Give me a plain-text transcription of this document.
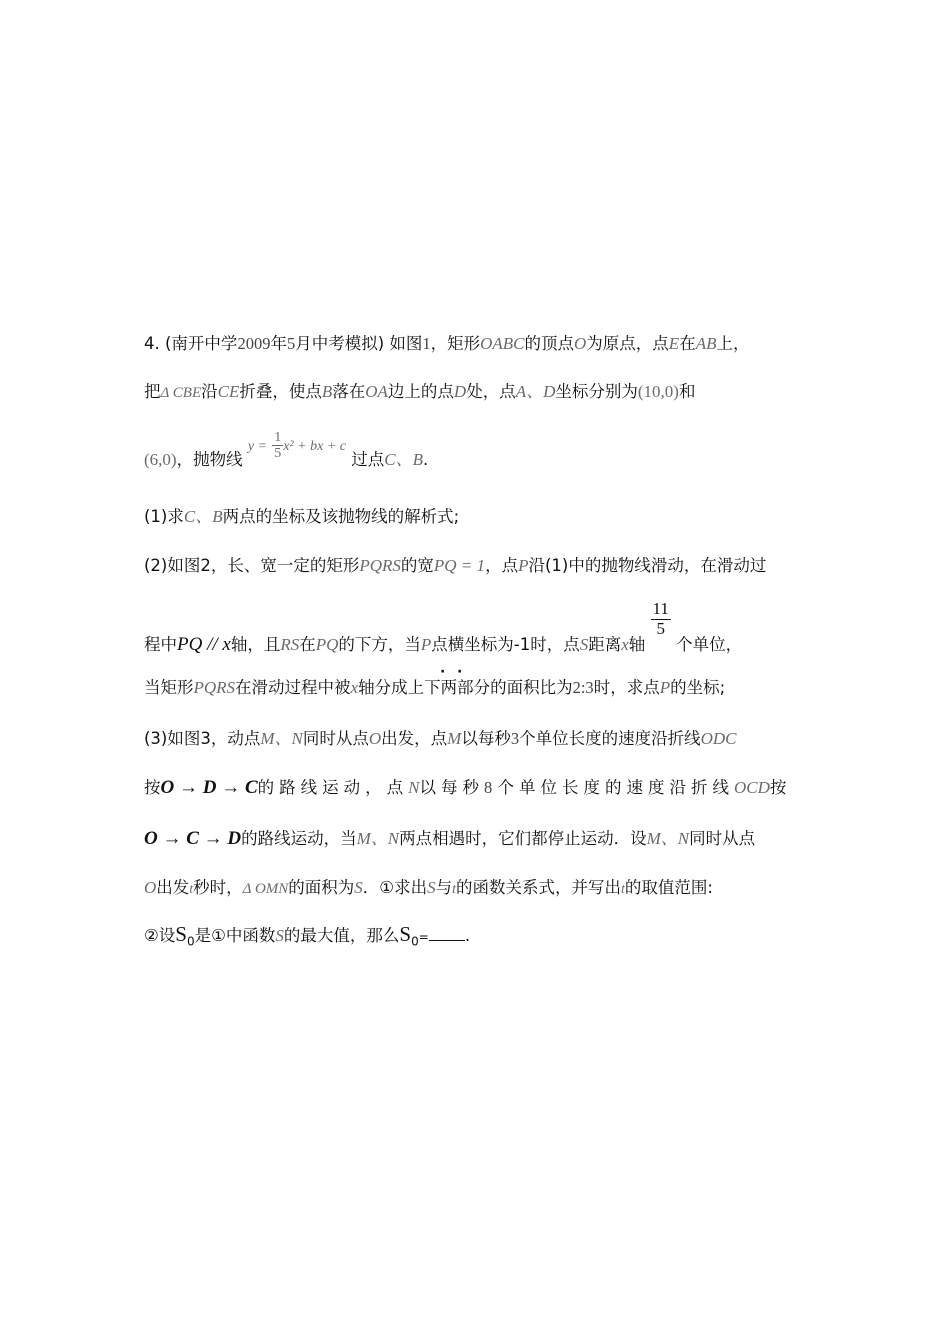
4. (南开中学2009年5月中考模拟) 如图1，矩形OABC的顶点O为原点，点E在AB上，
把Δ CBE沿CE折叠，使点B落在OA边上的点D处，点A、D坐标分别为(10,0)和
(6,0)，抛物线 $y = \frac{1}{5} x^2$ + bx + c 过点C、B.
(1)求C、B两点的坐标及该抛物线的解析式;
(2)如图2，长、宽一定的矩形PQRS的宽PQ = 1，点P沿(1)中的抛物线滑动，在滑动过
程中PQ // x轴，且RS在PQ的下方，当P点横坐标为-1时，点S距离x轴
$\frac{11}{5}$
个单位，
当矩形PQRS在滑动过程中被x轴分成上下两部分的面积比为2:3时，求点P的坐标;
· ·
(3)如图3，动点M、N同时从点O出发，点M以每秒3个单位长度的速度沿折线ODC
按O → D → C的路线运动，点N以每秒8 个单位长度的速度沿折线OCD按
O → C → D的路线运动，当M、N两点相遇时，它们都停止运动．设M、N同时从点
O出发t秒时，Δ OMN的面积为S．①求出S与t的函数关系式，并写出t的取值范围:
②设$S_0$是①中函数S的最大值，那么$S_0=$ .
